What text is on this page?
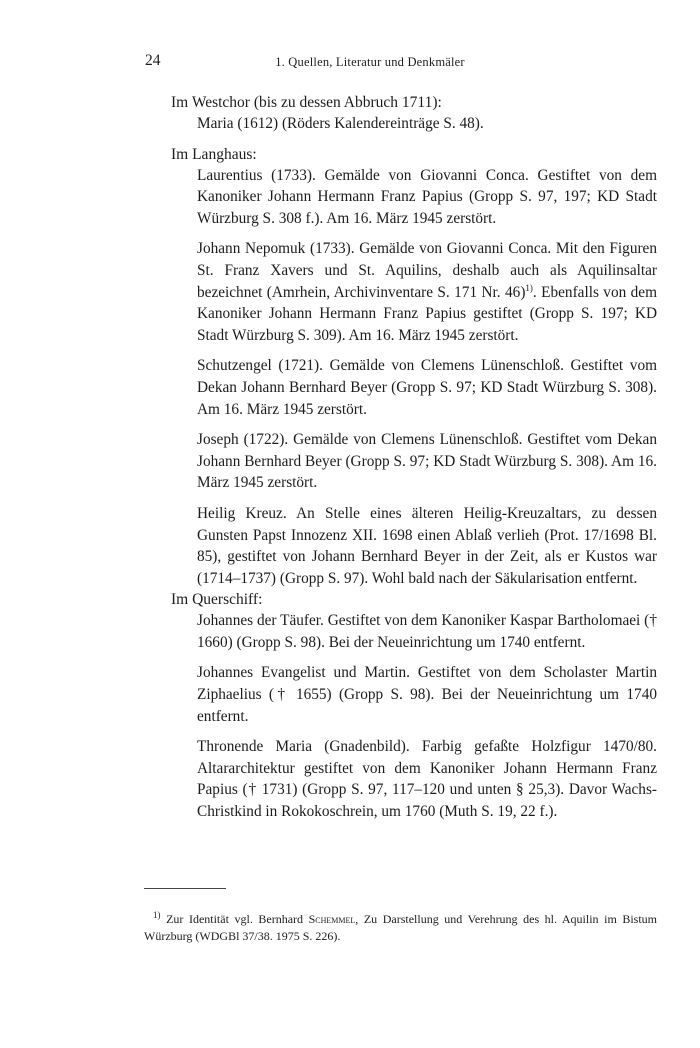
24	1. Quellen, Literatur und Denkmäler

Im Westchor (bis zu dessen Abbruch 1711):

Maria (1612) (Röders Kalendereinträge S. 48).

Im Langhaus:

Laurentius (1733). Gemälde von Giovanni Conca. Gestiftet von dem Kanoniker Johann Hermann Franz Papius (Gropp S. 97, 197; KD Stadt Würzburg S. 308 f.). Am 16. März 1945 zerstört.

Johann Nepomuk (1733). Gemälde von Giovanni Conca. Mit den Figuren St. Franz Xavers und St. Aquilins, deshalb auch als Aquilinsaltar bezeichnet (Amrhein, Archivinventare S. 171 Nr. 46)$^{1)}$. Ebenfalls von dem Kanoniker Johann Hermann Franz Papius gestiftet (Gropp S. 197; KD Stadt Würzburg S. 309). Am 16. März 1945 zerstört.

Schutzengel (1721). Gemälde von Clemens Lünenschloß. Gestiftet vom Dekan Johann Bernhard Beyer (Gropp S. 97; KD Stadt Würzburg S. 308). Am 16. März 1945 zerstört.

Joseph (1722). Gemälde von Clemens Lünenschloß. Gestiftet vom Dekan Johann Bernhard Beyer (Gropp S. 97; KD Stadt Würzburg S. 308). Am 16. März 1945 zerstört.

Heilig Kreuz. An Stelle eines älteren Heilig-Kreuzaltars, zu dessen Gunsten Papst Innozenz XII. 1698 einen Ablaß verlieh (Prot. 17/1698 Bl. 85), gestiftet von Johann Bernhard Beyer in der Zeit, als er Kustos war (1714–1737) (Gropp S. 97). Wohl bald nach der Säkularisation entfernt.

Im Querschiff:

Johannes der Täufer. Gestiftet von dem Kanoniker Kaspar Bartholomaei († 1660) (Gropp S. 98). Bei der Neueinrichtung um 1740 entfernt.

Johannes Evangelist und Martin. Gestiftet von dem Scholaster Martin Ziphaelius († 1655) (Gropp S. 98). Bei der Neueinrichtung um 1740 entfernt.

Thronende Maria (Gnadenbild). Farbig gefaßte Holzfigur 1470/80. Altararchitektur gestiftet von dem Kanoniker Johann Hermann Franz Papius († 1731) (Gropp S. 97, 117–120 und unten § 25,3). Davor Wachs-Christkind in Rokokoschrein, um 1760 (Muth S. 19, 22 f.).

$^{1)}$ Zur Identität vgl. Bernhard Schemmel, Zu Darstellung und Verehrung des hl. Aquilin im Bistum Würzburg (WDGBl 37/38. 1975 S. 226).
